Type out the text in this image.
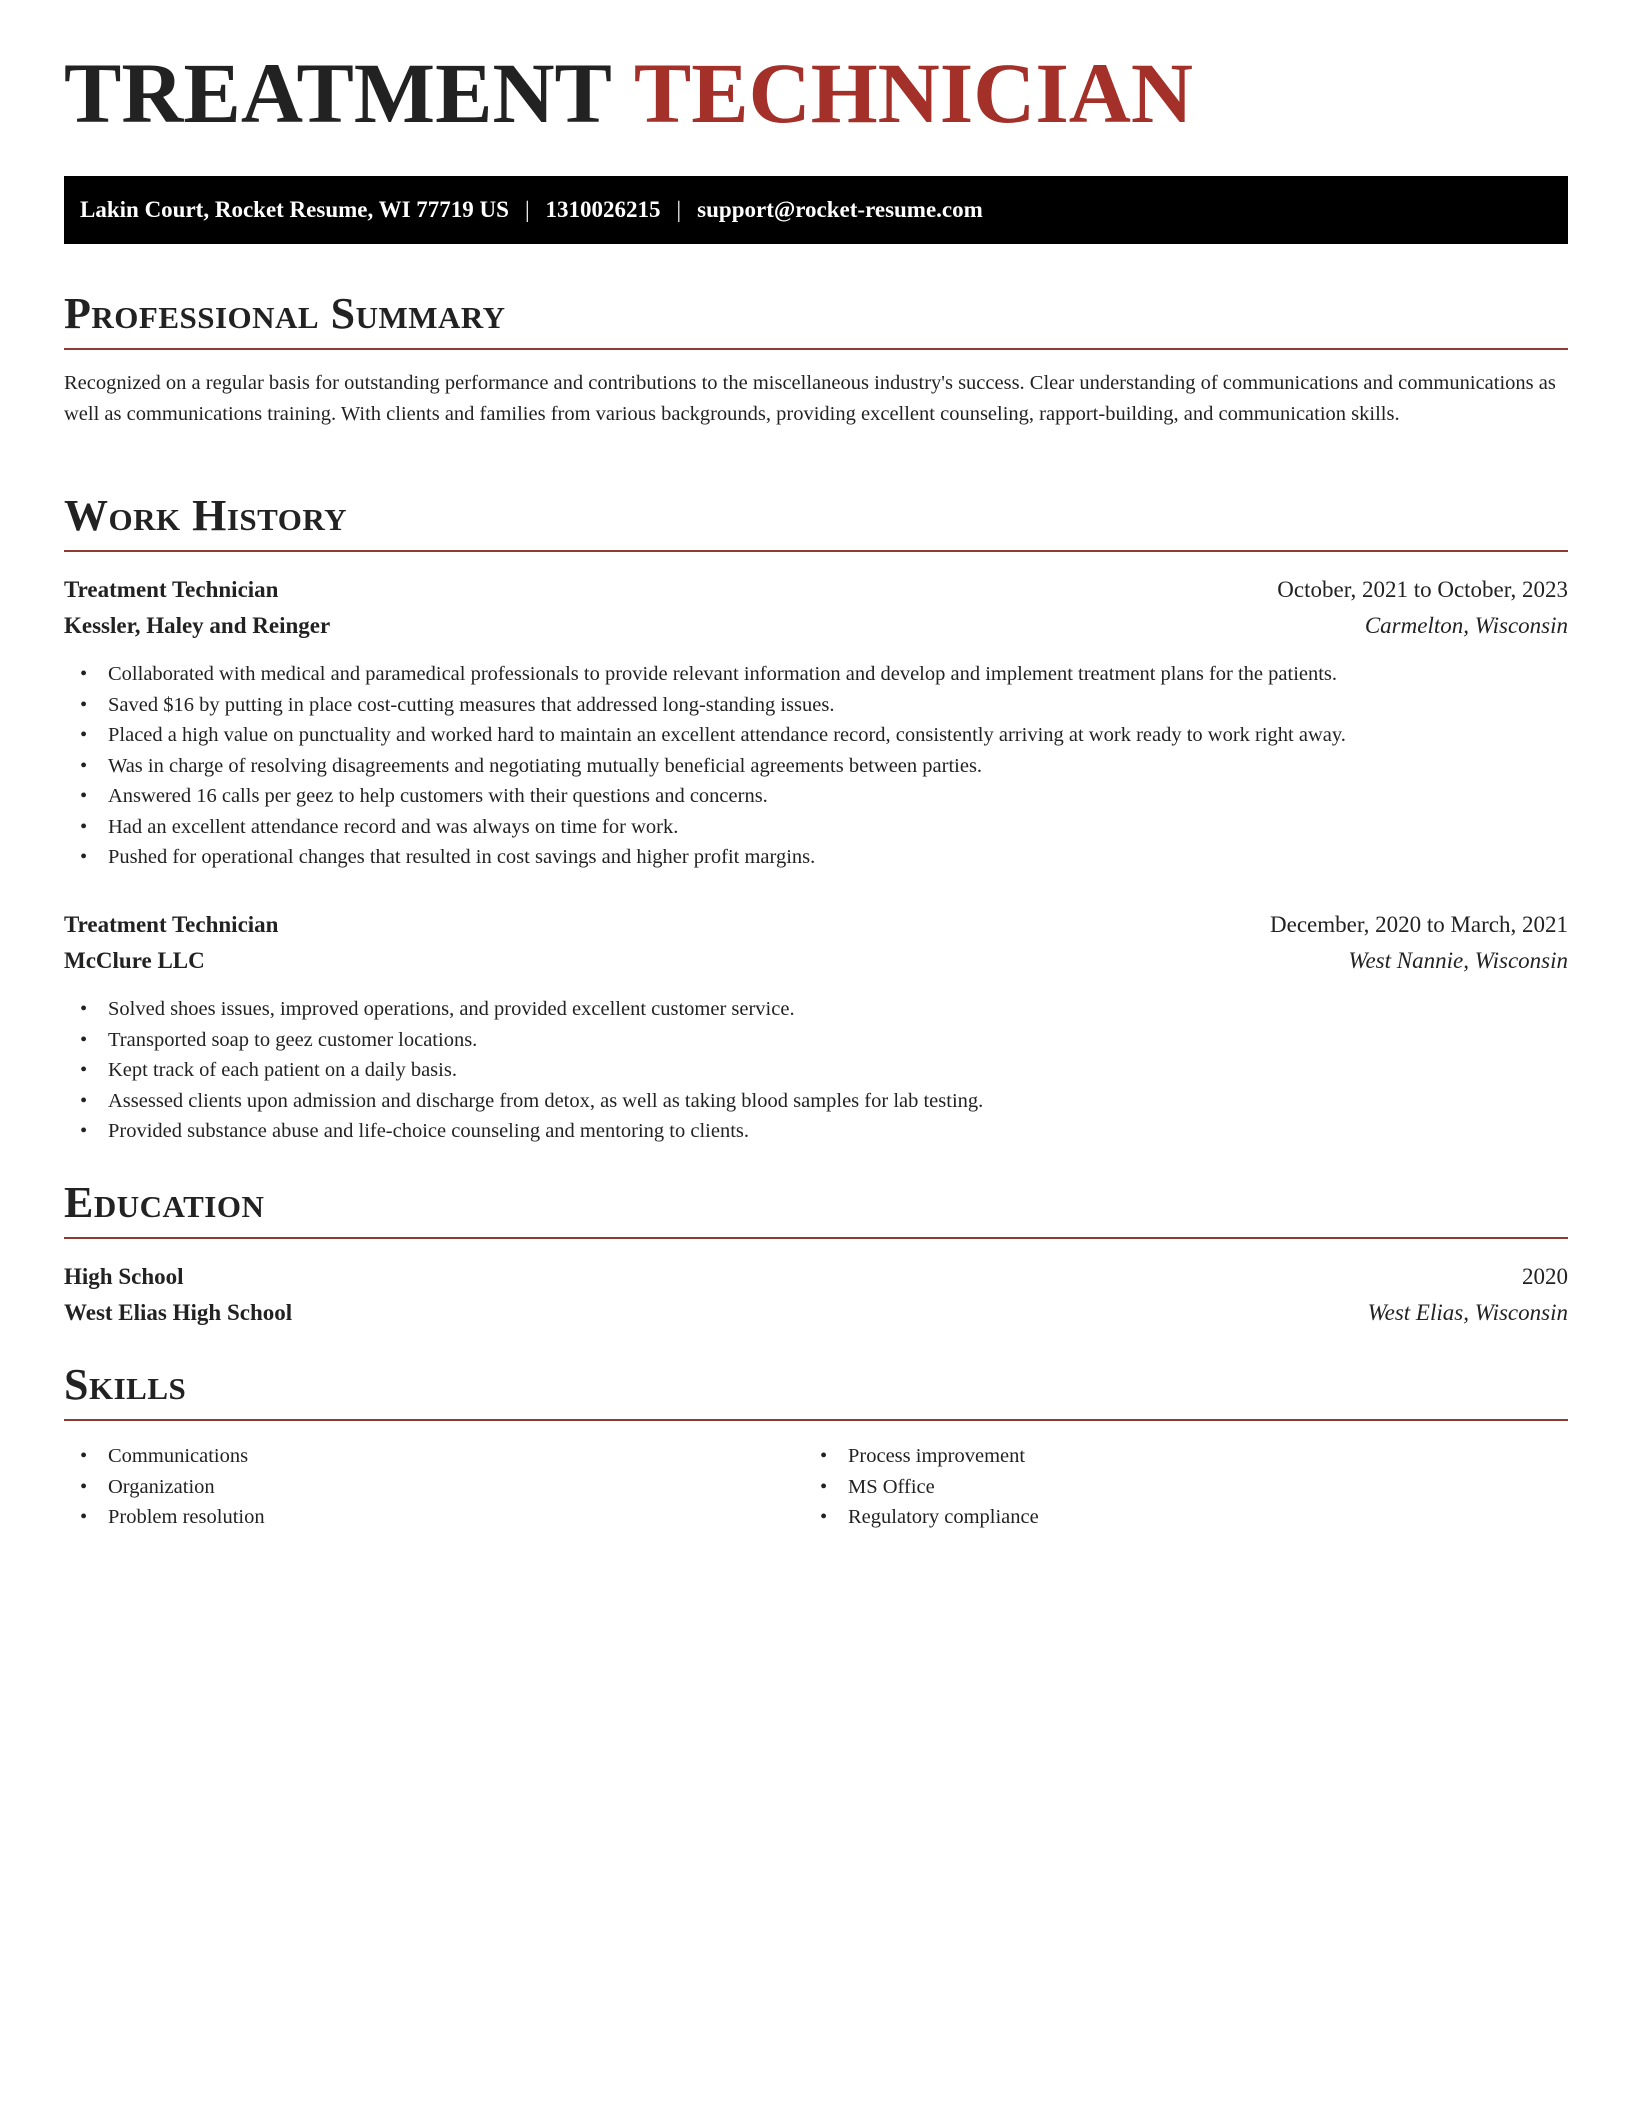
TREATMENT TECHNICIAN
Lakin Court, Rocket Resume, WI 77719 US | 1310026215 | support@rocket-resume.com
Professional Summary

Recognized on a regular basis for outstanding performance and contributions to the miscellaneous industry's success. Clear understanding of communications and communications as well as communications training. With clients and families from various backgrounds, providing excellent counseling, rapport-building, and communication skills.

Work History
Treatment Technician	October, 2021 to October, 2023
Kessler, Haley and Reinger	Carmelton, Wisconsin
• Collaborated with medical and paramedical professionals to provide relevant information and develop and implement treatment plans for the patients.
• Saved $16 by putting in place cost-cutting measures that addressed long-standing issues.
• Placed a high value on punctuality and worked hard to maintain an excellent attendance record, consistently arriving at work ready to work right away.
• Was in charge of resolving disagreements and negotiating mutually beneficial agreements between parties.
• Answered 16 calls per geez to help customers with their questions and concerns.
• Had an excellent attendance record and was always on time for work.
• Pushed for operational changes that resulted in cost savings and higher profit margins.
Treatment Technician	December, 2020 to March, 2021
McClure LLC	West Nannie, Wisconsin
• Solved shoes issues, improved operations, and provided excellent customer service.
• Transported soap to geez customer locations.
• Kept track of each patient on a daily basis.
• Assessed clients upon admission and discharge from detox, as well as taking blood samples for lab testing.
• Provided substance abuse and life-choice counseling and mentoring to clients.
Education
High School	2020
West Elias High School	West Elias, Wisconsin
Skills
• Communications
• Organization
• Problem resolution
• Process improvement
• MS Office
• Regulatory compliance
